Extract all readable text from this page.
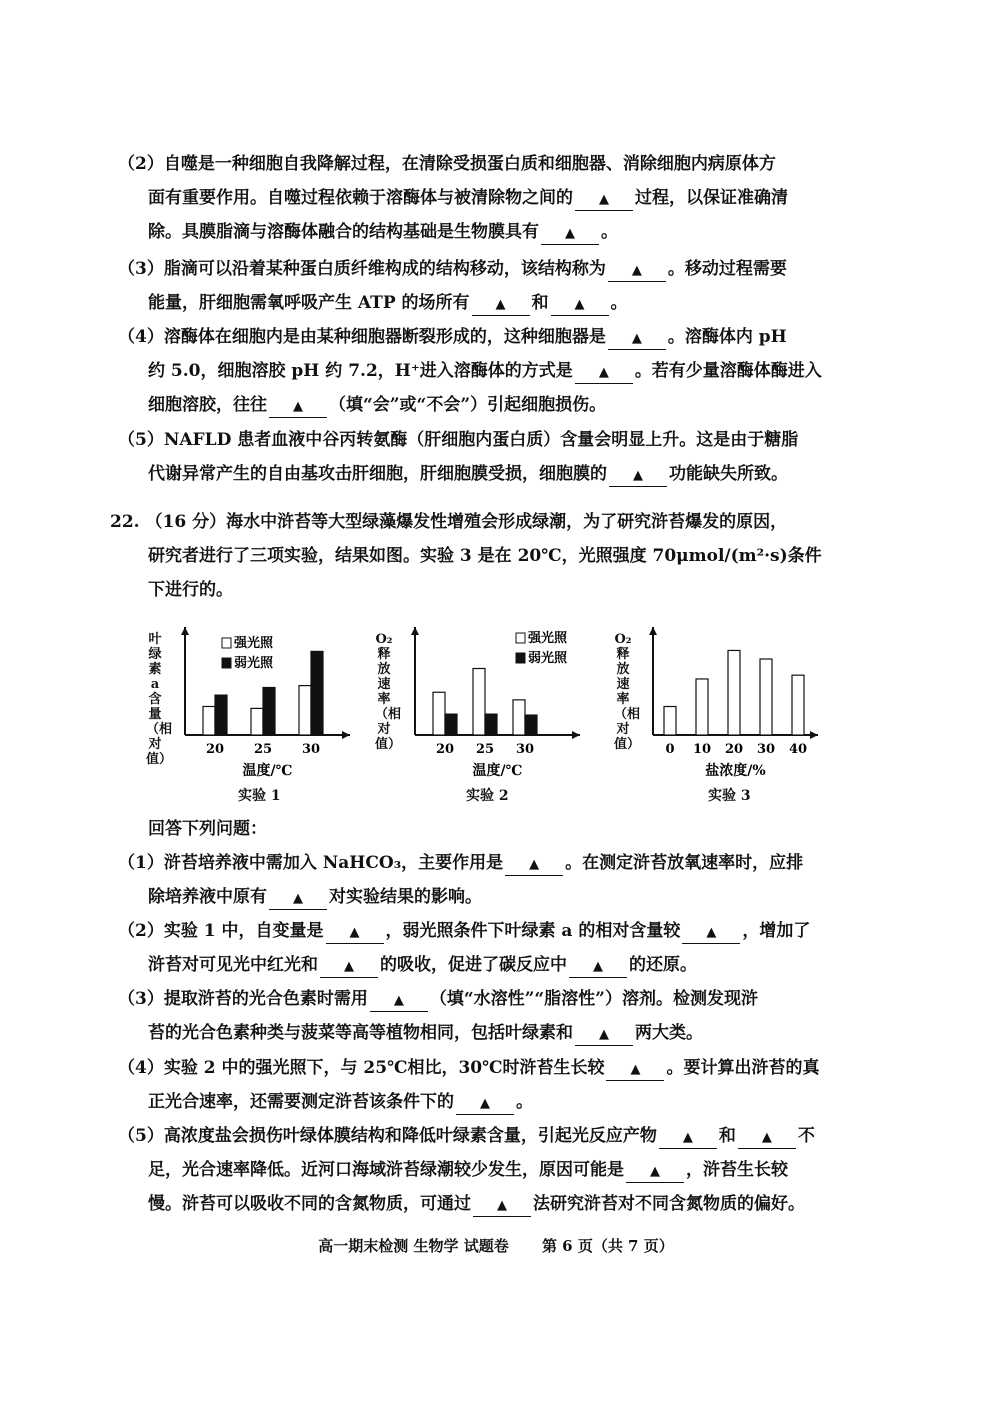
（2）自噬是一种细胞自我降解过程，在清除受损蛋白质和细胞器、消除细胞内病原体方
面有重要作用。自噬过程依赖于溶酶体与被清除物之间的 ▲	过程，以保证准确清
除。具膜脂滴与溶酶体融合的结构基础是生物膜具有 ▲	。
（3）脂滴可以沿着某种蛋白质纤维构成的结构移动，该结构称为 ▲	。移动过程需要
能量，肝细胞需氧呼吸产生 ATP 的场所有 ▲	和 ▲	。
（4）溶酶体在细胞内是由某种细胞器断裂形成的，这种细胞器是 ▲	。溶酶体内 pH
约 5.0，细胞溶胶 pH 约 7.2，H⁺进入溶酶体的方式是 ▲	。若有少量溶酶体酶进入
细胞溶胶，往往 ▲	（填“会”或“不会”）引起细胞损伤。
（5）NAFLD 患者血液中谷丙转氨酶（肝细胞内蛋白质）含量会明显上升。这是由于糖脂
代谢异常产生的自由基攻击肝细胞，肝细胞膜受损，细胞膜的 ▲	功能缺失所致。
22. （16 分）海水中浒苔等大型绿藻爆发性增殖会形成绿潮，为了研究浒苔爆发的原因，
研究者进行了三项实验，结果如图。实验 3 是在 20℃，光照强度 70μmol/(m²·s)条件
下进行的。
叶绿素a含量（相对值）
20 25 30
温度/℃
强光照
弱光照
实验 1
O₂释放速率（相对值）	20 25 30
温度/℃
强光照
弱光照
实验 2
O₂释放速率（相对值） 0 10 20 30 40
盐浓度/%
实验 3
回答下列问题：
（1）浒苔培养液中需加入 NaHCO₃，主要作用是 ▲	。在测定浒苔放氧速率时，应排
除培养液中原有 ▲	对实验结果的影响。
（2）实验 1 中，自变量是 ▲	，弱光照条件下叶绿素 a 的相对含量较 ▲	，增加了
浒苔对可见光中红光和 ▲	的吸收，促进了碳反应中 ▲	的还原。
（3）提取浒苔的光合色素时需用 ▲	（填“水溶性”“脂溶性”）溶剂。检测发现浒
苔的光合色素种类与菠菜等高等植物相同，包括叶绿素和 ▲	两大类。
（4）实验 2 中的强光照下，与 25℃相比，30℃时浒苔生长较 ▲	。要计算出浒苔的真
正光合速率，还需要测定浒苔该条件下的 ▲	。
（5）高浓度盐会损伤叶绿体膜结构和降低叶绿素含量，引起光反应产物 ▲	和 ▲	不
足，光合速率降低。近河口海域浒苔绿潮较少发生，原因可能是 ▲	，浒苔生长较
慢。浒苔可以吸收不同的含氮物质，可通过 ▲	法研究浒苔对不同含氮物质的偏好。
高一期末检测 生物学 试题卷 第 6 页（共 7 页）
